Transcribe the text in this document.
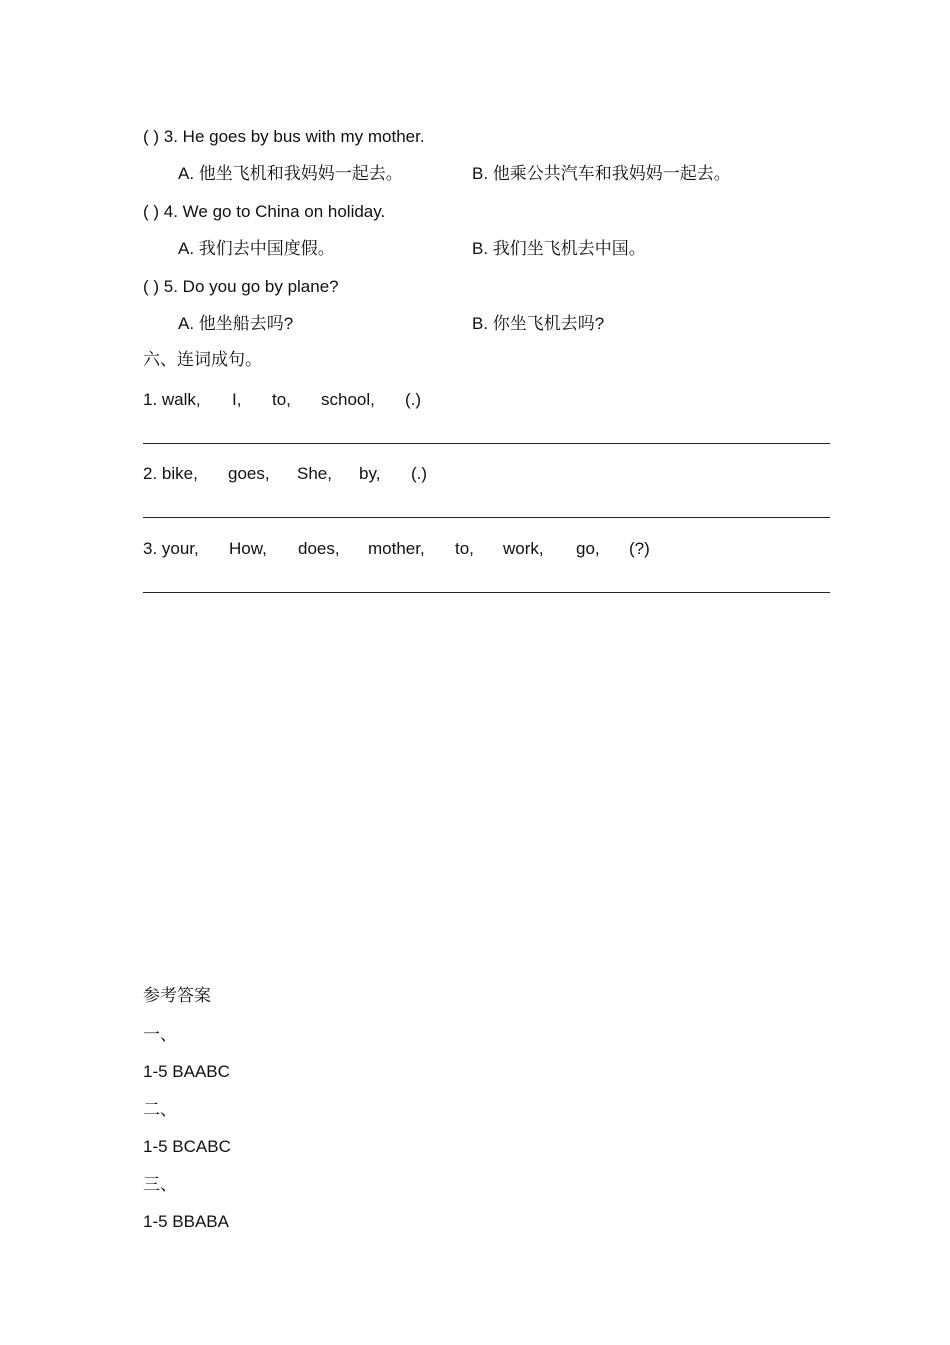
( ) 3. He goes by bus with my mother.
A. 他坐飞机和我妈妈一起去。	B. 他乘公共汽车和我妈妈一起去。
( ) 4. We go to China on holiday.
A. 我们去中国度假。	B. 我们坐飞机去中国。
( ) 5. Do you go by plane?
A. 他坐船去吗?	B. 你坐飞机去吗?
六、连词成句。
1. walk, I, to, school, (.)
2. bike, goes, She, by, (.)
3. your, How, does, mother, to, work, go, (?)
参考答案
一、
1-5 BAABC
二、
1-5 BCABC
三、
1-5 BBABA
